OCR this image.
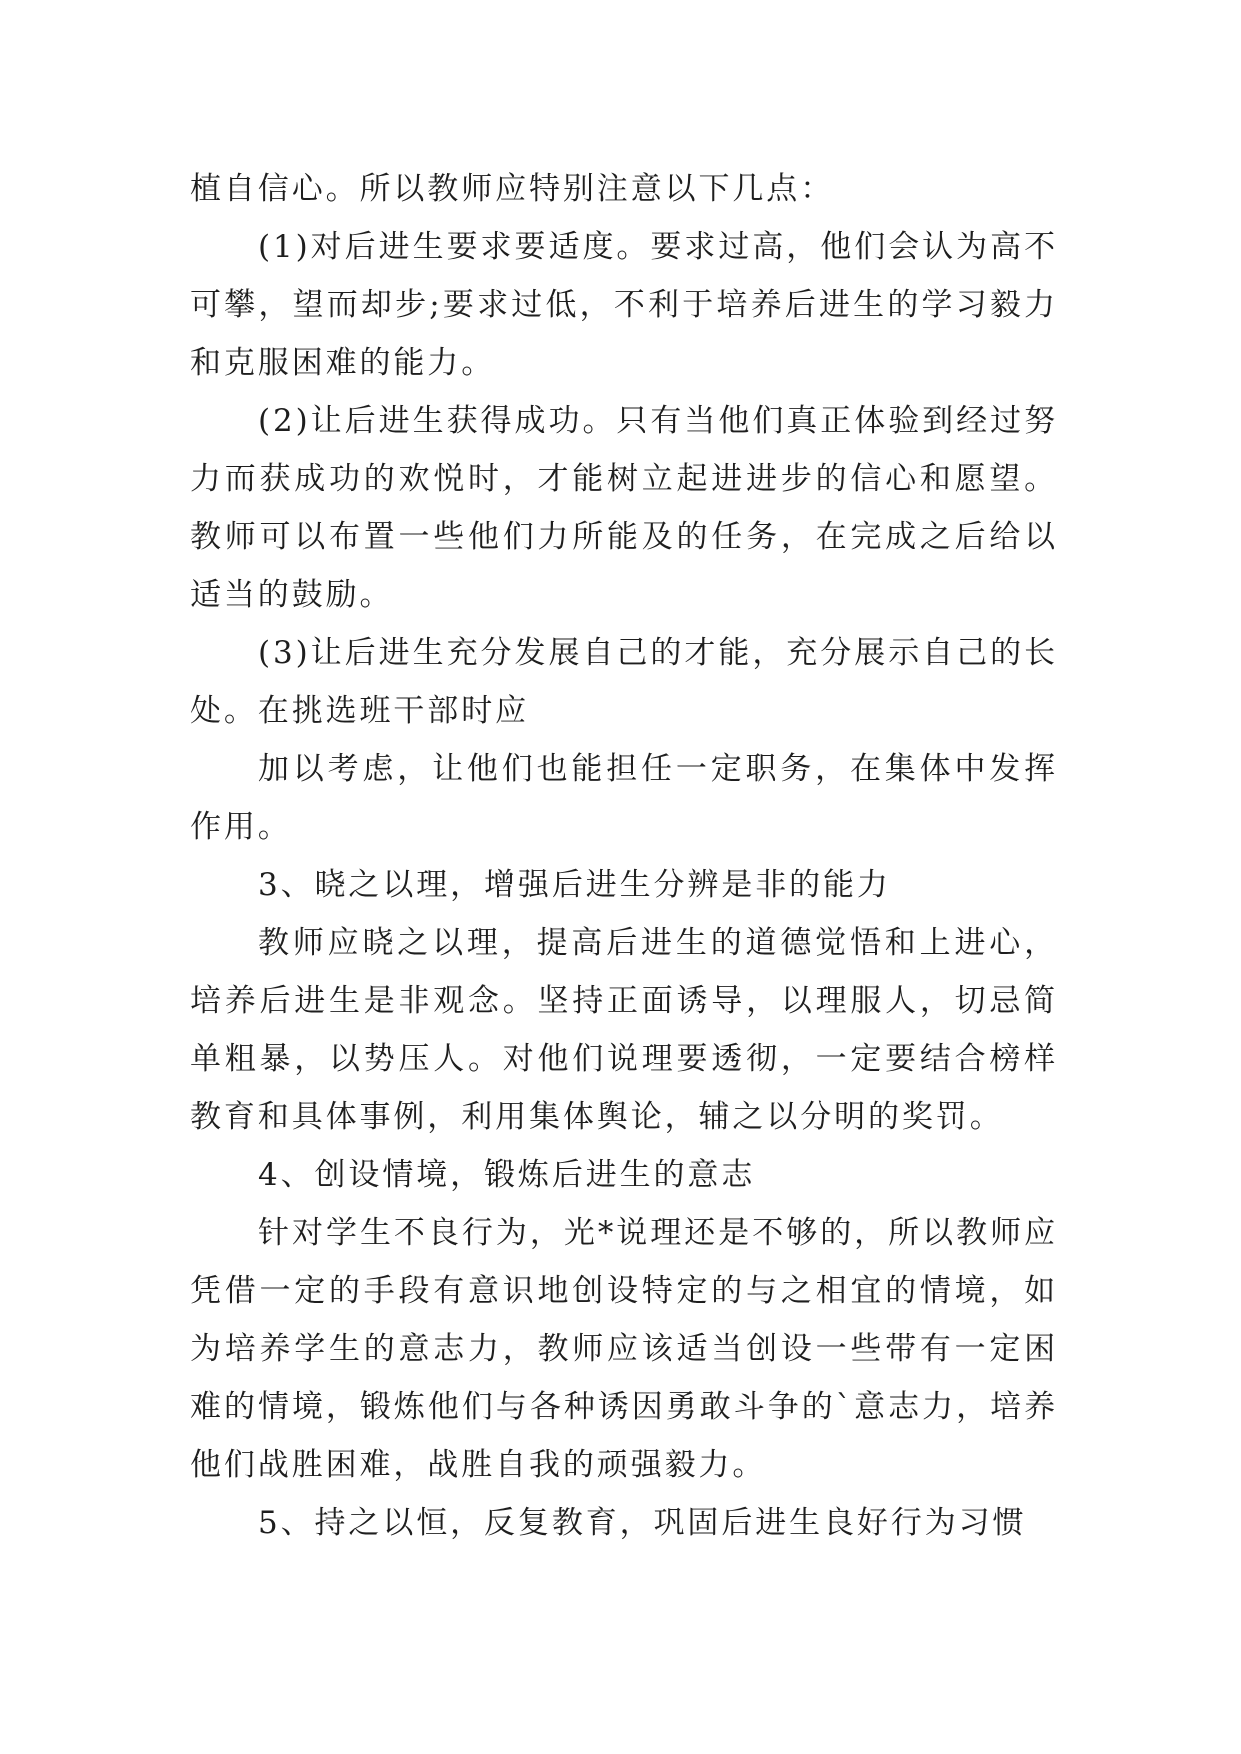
植自信心。所以教师应特别注意以下几点：

(1)对后进生要求要适度。要求过高，他们会认为高不可攀，望而却步;要求过低，不利于培养后进生的学习毅力和克服困难的能力。

(2)让后进生获得成功。只有当他们真正体验到经过努力而获成功的欢悦时，才能树立起进进步的信心和愿望。教师可以布置一些他们力所能及的任务，在完成之后给以适当的鼓励。

(3)让后进生充分发展自己的才能，充分展示自己的长处。在挑选班干部时应

加以考虑，让他们也能担任一定职务，在集体中发挥作用。

3、晓之以理，增强后进生分辨是非的能力

教师应晓之以理，提高后进生的道德觉悟和上进心，培养后进生是非观念。坚持正面诱导，以理服人，切忌简单粗暴，以势压人。对他们说理要透彻，一定要结合榜样教育和具体事例，利用集体舆论，辅之以分明的奖罚。

4、创设情境，锻炼后进生的意志

针对学生不良行为，光*说理还是不够的，所以教师应凭借一定的手段有意识地创设特定的与之相宜的情境，如为培养学生的意志力，教师应该适当创设一些带有一定困难的情境，锻炼他们与各种诱因勇敢斗争的`意志力，培养他们战胜困难，战胜自我的顽强毅力。

5、持之以恒，反复教育，巩固后进生良好行为习惯
